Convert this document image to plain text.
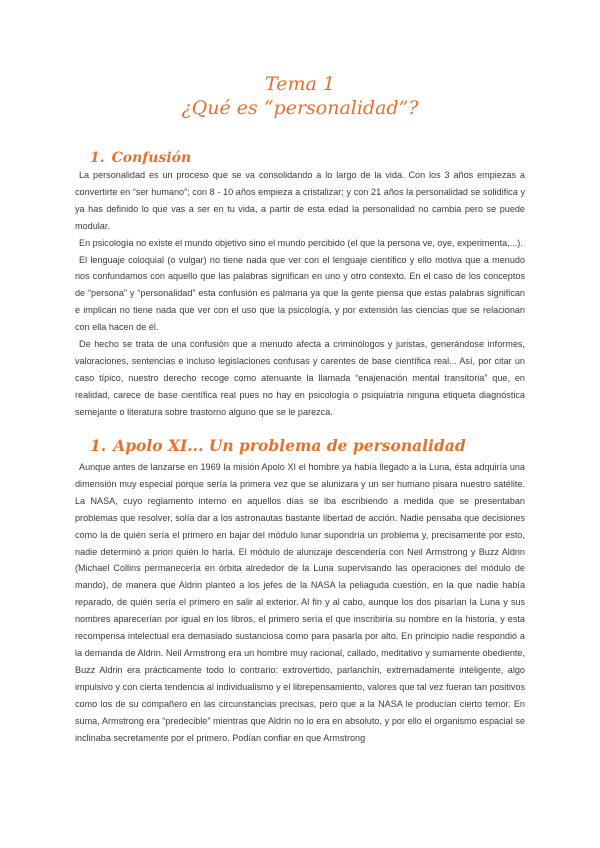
Tema 1
¿Qué es “personalidad”?
1. Confusión

La personalidad es un proceso que se va consolidando a lo largo de la vida. Con los 3 años empiezas a convertirte en “ser humano”; con 8 - 10 años empieza a cristalizar; y con 21 años la personalidad se solidifica y ya has definido lo que vas a ser en tu vida, a partir de esta edad la personalidad no cambia pero se puede modular.

En psicología no existe el mundo objetivo sino el mundo percibido (el que la persona ve, oye, experimenta,...).

El lenguaje coloquial (o vulgar) no tiene nada que ver con el lenguaje científico y ello motiva que a menudo nos confundamos con aquello que las palabras significan en uno y otro contexto. En el caso de los conceptos de “persona” y “personalidad” esta confusión es palmaria ya que la gente piensa que estas palabras significan e implican no tiene nada que ver con el uso que la psicología, y por extensión las ciencias que se relacionan con ella hacen de él.

De hecho se trata de una confusión que a menudo afecta a criminólogos y juristas, generándose informes, valoraciones, sentencias e incluso legislaciones confusas y carentes de base científica real... Así, por citar un caso típico, nuestro derecho recoge como atenuante la llamada “enajenación mental transitoria” que, en realidad, carece de base científica real pues no hay en psicología o psiquiatría ninguna etiqueta diagnóstica semejante o literatura sobre trastorno alguno que se le parezca.

1. Apolo XI... Un problema de personalidad

Aunque antes de lanzarse en 1969 la misión Apolo XI el hombre ya había llegado a la Luna, ésta adquiría una dimensión muy especial porque sería la primera vez que se alunizara y un ser humano pisara nuestro satélite. La NASA, cuyo reglamento interno en aquellos días se iba escribiendo a medida que se presentaban problemas que resolver, solía dar a los astronautas bastante libertad de acción. Nadie pensaba que decisiones como la de quién sería el primero en bajar del módulo lunar supondría un problema y, precisamente por esto, nadie determinó a priori quién lo haría. El módulo de alunizaje descendería con Neil Armstrong y Buzz Aldrin (Michael Collins permanecería en órbita alrededor de la Luna supervisando las operaciones del módulo de mando), de manera que Aldrin planteó a los jefes de la NASA la peliaguda cuestión, en la que nadie había reparado, de quién sería el primero en salir al exterior. Al fin y al cabo, aunque los dos pisarían la Luna y sus nombres aparecerían por igual en los libros, el primero sería el que inscribiría su nombre en la historia, y esta recompensa intelectual era demasiado sustanciosa como para pasarla por alto. En principio nadie respondió a la demanda de Aldrin. Neil Armstrong era un hombre muy racional, callado, meditativo y sumamente obediente, Buzz Aldrin era prácticamente todo lo contrario: extrovertido, parlanchín, extremadamente inteligente, algo impulsivo y con cierta tendencia al individualismo y el librepensamiento, valores que tal vez fueran tan positivos como los de su compañero en las circunstancias precisas, pero que a la NASA le producían cierto temor. En suma, Armstrong era “predecible” mientras que Aldrin no lo era en absoluto, y por ello el organismo espacial se inclinaba secretamente por el primero. Podían confiar en que Armstrong
